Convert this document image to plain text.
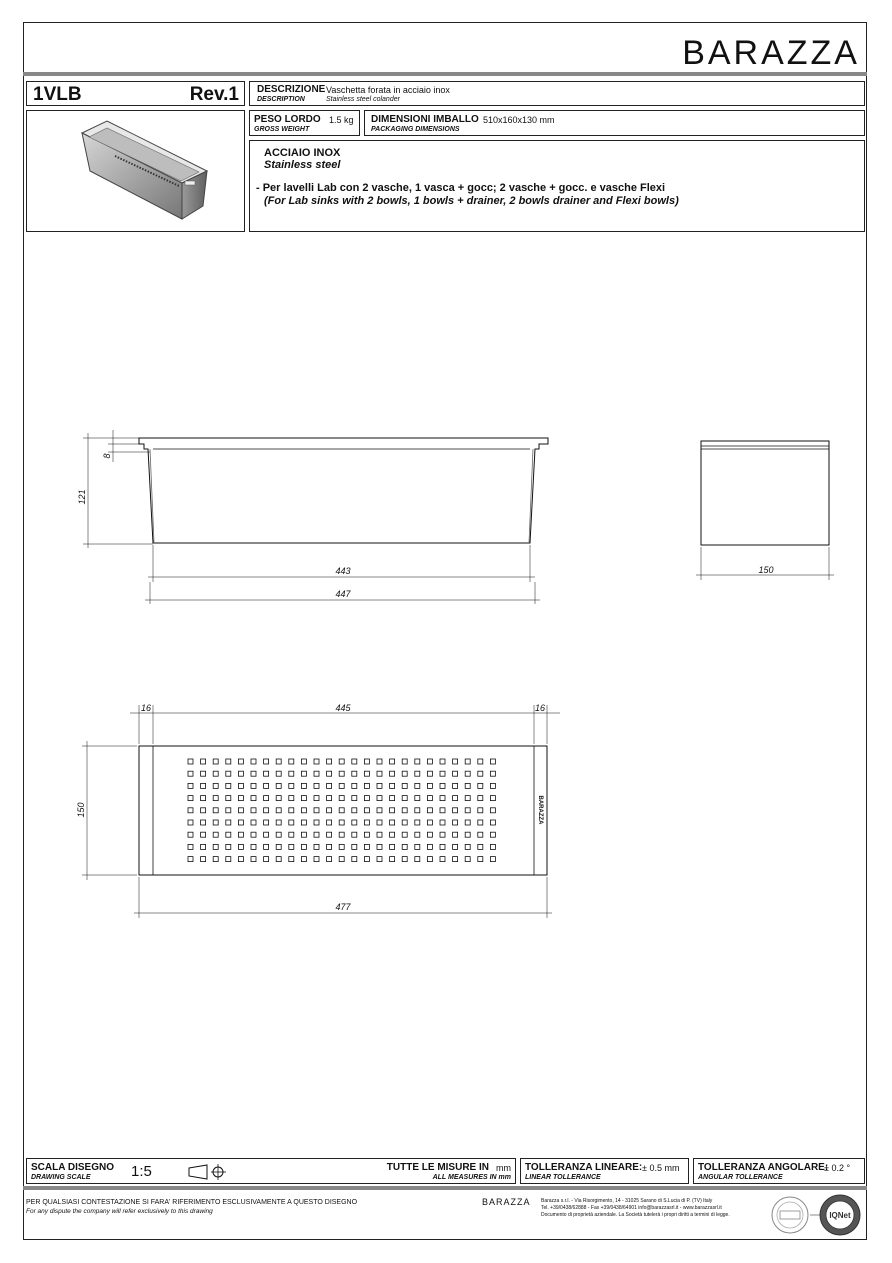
BARAZZA
1VLB	Rev.1 DESCRIZIONE Vaschetta forata in acciaio inox
DESCRIPTION	Stainless steel colander
PESO LORDO 1.5 kg
GROSS WEIGHT
DIMENSIONI IMBALLO 510x160x130 mm
PACKAGING DIMENSIONS
ACCIAIO INOX
Stainless steel
- Per lavelli Lab con 2 vasche, 1 vasca + gocc; 2 vasche + gocc. e vasche Flexi
(For Lab sinks with 2 bowls, 1 bowls + drainer, 2 bowls drainer and Flexi bowls)
121
8
443
447
150
16	445	16
150
477
BARAZZA
SCALA DISEGNO
DRAWING SCALE	1:5	TUTTE LE MISURE IN mm
ALL MEASURES IN mm
TOLLERANZA LINEARE: ± 0.5 mm
LINEAR TOLLERANCE
TOLLERANZA ANGOLARE:
± 0.2 °
ANGULAR TOLLERANCE
PER QUALSIASI CONTESTAZIONE SI FARA' RIFERIMENTO ESCLUSIVAMENTE A QUESTO DISEGNO
For any dispute the company will refer exclusively to this drawing
BARAZZA Barazza s.r.l. - Via Risorgimento, 14 - 31025 Sarano di S.Lucia di P. (TV) Italy
Tel. +39/0438/62888 - Fax +39/0438/64901 info@barazzasrl.it - www.barazzasrl.it
Documento di proprietà aziendale. La Società tutelerà i propri diritti a termini di legge.	IQNet
